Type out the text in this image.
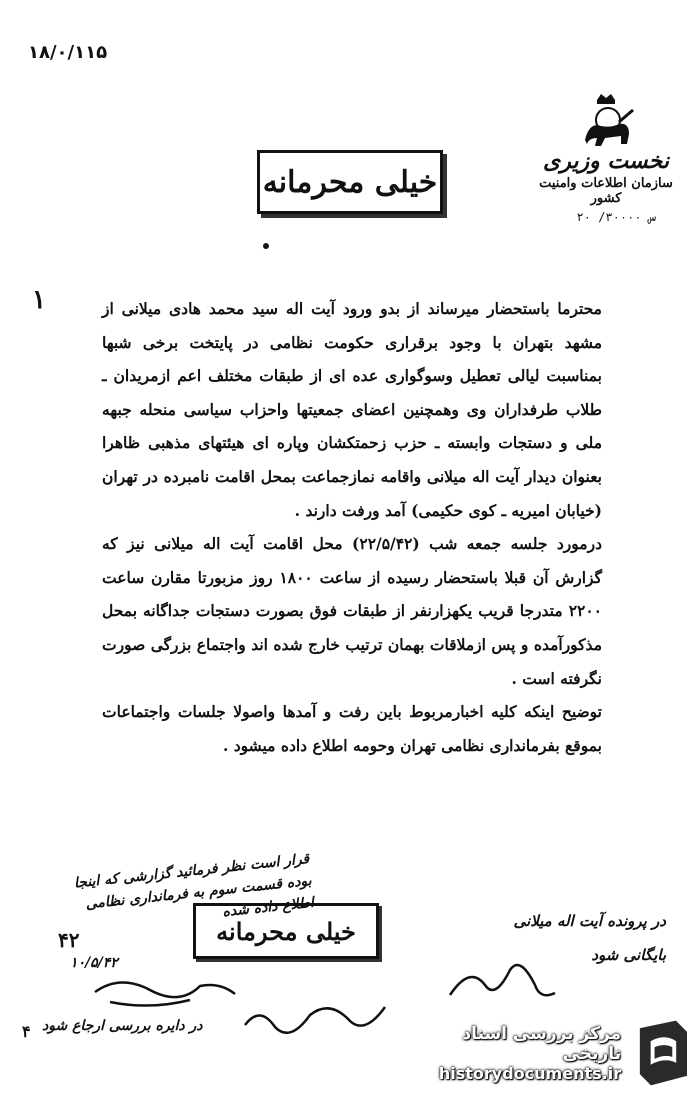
۱۸/۰/۱۱۵
١
نخست وزیری
سازمان اطلاعات وامنیت کشور
س ۳۰۰۰۰/ ۲۰
خیلی محرمانه

محترما باستحضار میرساند از بدو ورود آیت اله سید محمد هادی میلانی از مشهد بتهران با وجود برقراری حکومت نظامی در پایتخت برخی شبها بمناسبت لیالی تعطیل وسوگواری عده ای از طبقات مختلف اعم ازمریدان ـ طلاب طرفداران وی وهمچنین اعضای جمعیتها واحزاب سیاسی منحله جبهه ملی و دستجات وابسته ـ حزب زحمتکشان وپاره ای هیئتهای مذهبی ظاهرا بعنوان دیدار آیت اله میلانی واقامه نمازجماعت بمحل اقامت نامبرده در تهران (خیابان امیریه ـ کوی حکیمی) آمد ورفت دارند .

درمورد جلسه جمعه شب (۲۲/۵/۴۲) محل اقامت آیت اله میلانی نیز که گزارش آن قبلا باستحضار رسیده از ساعت ۱۸۰۰ روز مزبورتا مقارن ساعت ۲۲۰۰ متدرجا قریب یکهزارنفر از طبقات فوق بصورت دستجات جداگانه بمحل مذکورآمده و پس ازملاقات بهمان ترتیب خارج شده اند واجتماع بزرگی صورت نگرفته است .

توضیح اینکه کلیه اخبارمربوط باین رفت و آمدها واصولا جلسات واجتماعات بموقع بفرمانداری نظامی تهران وحومه اطلاع داده میشود .

قرار است نظر فرمائید گزارشی که اینجا بوده قسمت سوم به فرمانداری نظامی اطلاع داده شده
۴۲
۱۰/۵/۴۲
خیلی محرمانه	در پرونده آیت اله میلانی
بایگانی شود
در دایره بررسی ارجاع شود
۴	مرکز بررسی اسناد تاریخی
historydocuments.ir
